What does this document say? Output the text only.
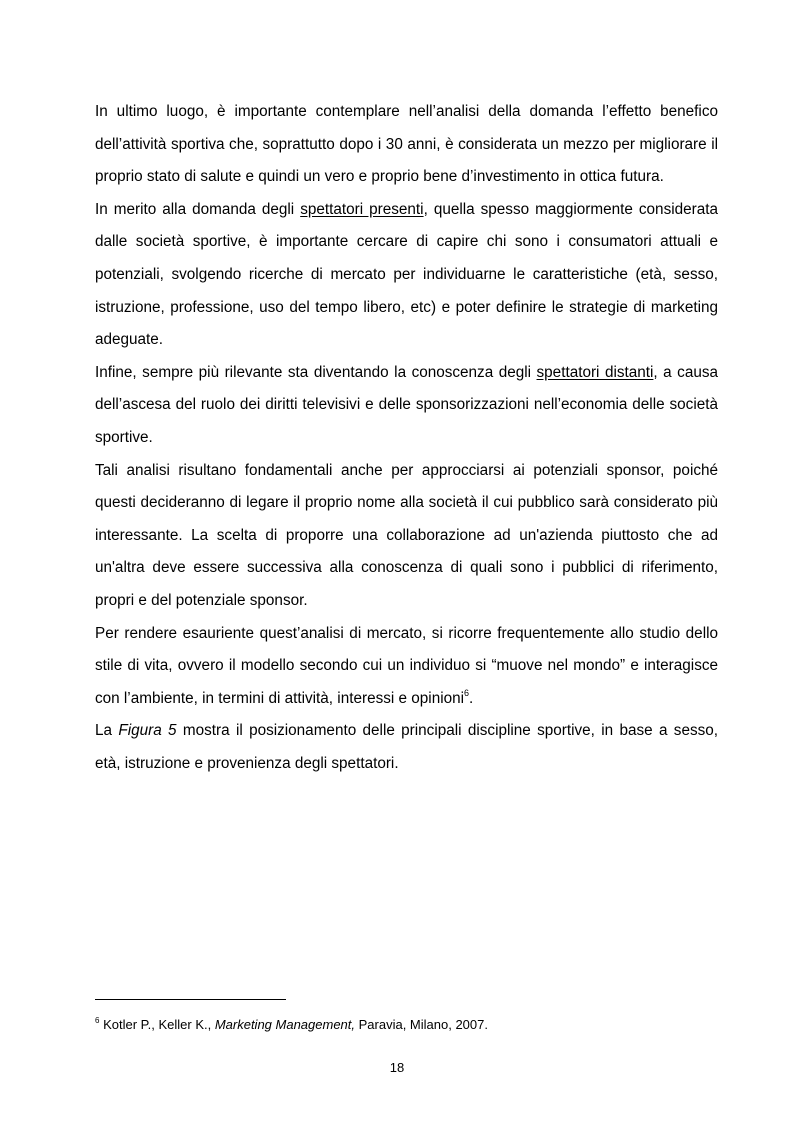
In ultimo luogo, è importante contemplare nell’analisi della domanda l’effetto benefico dell’attività sportiva che, soprattutto dopo i 30 anni, è considerata un mezzo per migliorare il proprio stato di salute e quindi un vero e proprio bene d’investimento in ottica futura.

In merito alla domanda degli spettatori presenti, quella spesso maggiormente considerata dalle società sportive, è importante cercare di capire chi sono i consumatori attuali e potenziali, svolgendo ricerche di mercato per individuarne le caratteristiche (età, sesso, istruzione, professione, uso del tempo libero, etc) e poter definire le strategie di marketing adeguate.

Infine, sempre più rilevante sta diventando la conoscenza degli spettatori distanti, a causa dell’ascesa del ruolo dei diritti televisivi e delle sponsorizzazioni nell’economia delle società sportive.

Tali analisi risultano fondamentali anche per approcciarsi ai potenziali sponsor, poiché questi decideranno di legare il proprio nome alla società il cui pubblico sarà considerato più interessante. La scelta di proporre una collaborazione ad un'azienda piuttosto che ad un'altra deve essere successiva alla conoscenza di quali sono i pubblici di riferimento, propri e del potenziale sponsor.

Per rendere esauriente quest’analisi di mercato, si ricorre frequentemente allo studio dello stile di vita, ovvero il modello secondo cui un individuo si “muove nel mondo” e interagisce con l’ambiente, in termini di attività, interessi e opinioni$^6$.

La Figura 5 mostra il posizionamento delle principali discipline sportive, in base a sesso, età, istruzione e provenienza degli spettatori.

$^6$ Kotler P., Keller K., Marketing Management, Paravia, Milano, 2007.
18
